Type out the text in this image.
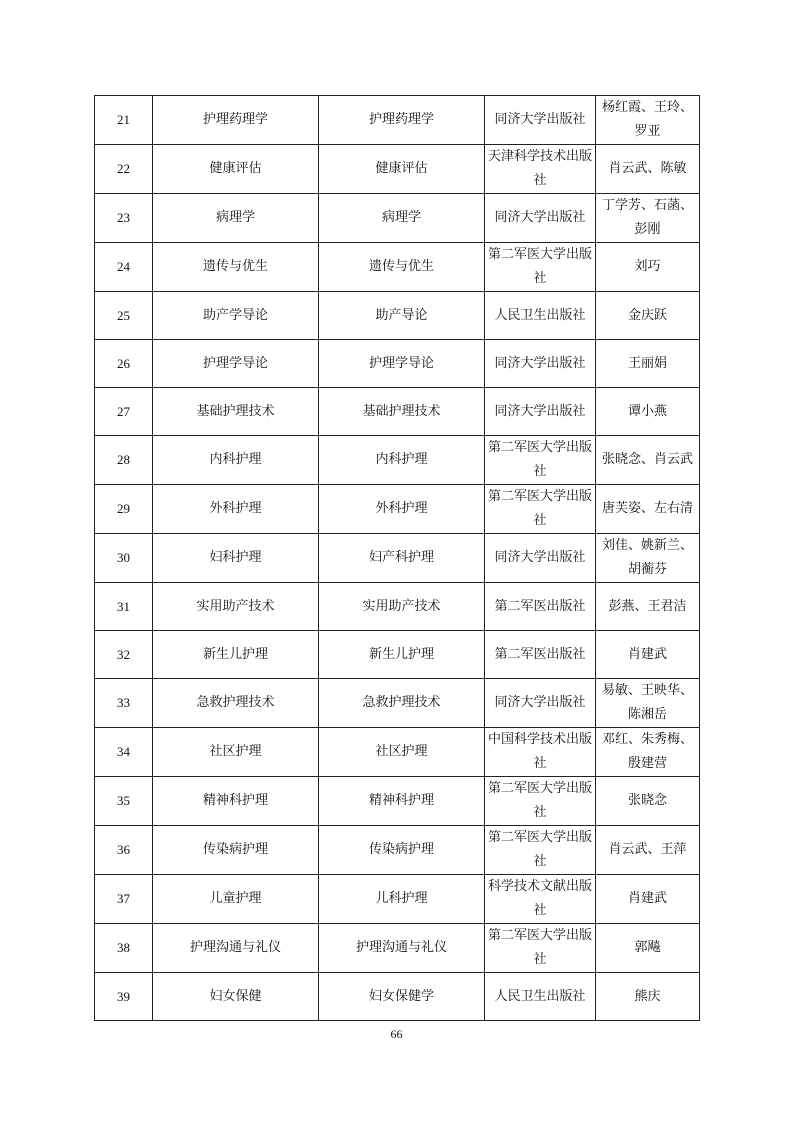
21	护理药理学	护理药理学	同济大学出版社	杨红霞、王玲、罗亚
22	健康评估	健康评估	天津科学技术出版社	肖云武、陈敏
23	病理学	病理学	同济大学出版社	丁学芳、石菡、彭刚
24	遗传与优生	遗传与优生	第二军医大学出版社	刘巧
25	助产学导论	助产导论	人民卫生出版社	金庆跃
26	护理学导论	护理学导论	同济大学出版社	王丽娟
27	基础护理技术	基础护理技术	同济大学出版社	谭小燕
28	内科护理	内科护理	第二军医大学出版社	张晓念、肖云武
29	外科护理	外科护理	第二军医大学出版社	唐芙姿、左右清
30	妇科护理	妇产科护理	同济大学出版社	刘佳、姚新兰、胡蘅芬
31	实用助产技术	实用助产技术	第二军医出版社	彭燕、王君洁
32	新生儿护理	新生儿护理	第二军医出版社	肖建武
33	急救护理技术	急救护理技术	同济大学出版社	易敏、王映华、陈湘岳
34	社区护理	社区护理	中国科学技术出版社	邓红、朱秀梅、殷建营
35	精神科护理	精神科护理	第二军医大学出版社	张晓念
36	传染病护理	传染病护理	第二军医大学出版社	肖云武、王萍
37	儿童护理	儿科护理	科学技术文献出版社	肖建武
38	护理沟通与礼仪	护理沟通与礼仪	第二军医大学出版社	郭飚
39	妇女保健	妇女保健学	人民卫生出版社	熊庆
66
